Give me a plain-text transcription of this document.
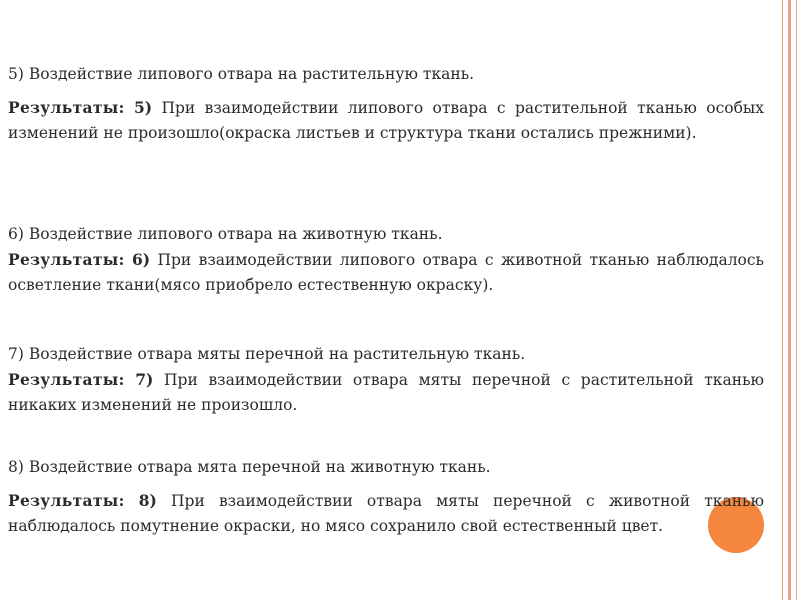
5) Воздействие липового отвара на растительную ткань.

Результаты: 5) При взаимодействии липового отвара с растительной тканью особых изменений не произошло(окраска листьев и структура ткани остались прежними).

6) Воздействие липового отвара на животную ткань.

Результаты: 6) При взаимодействии липового отвара с животной тканью наблюдалось осветление ткани(мясо приобрело естественную окраску).

7) Воздействие отвара мяты перечной на растительную ткань.

Результаты: 7) При взаимодействии отвара мяты перечной с растительной тканью никаких изменений не произошло.

8) Воздействие отвара мята перечной на животную ткань.

Результаты: 8) При взаимодействии отвара мяты перечной с животной тканью наблюдалось помутнение окраски, но мясо сохранило свой естественный цвет.
